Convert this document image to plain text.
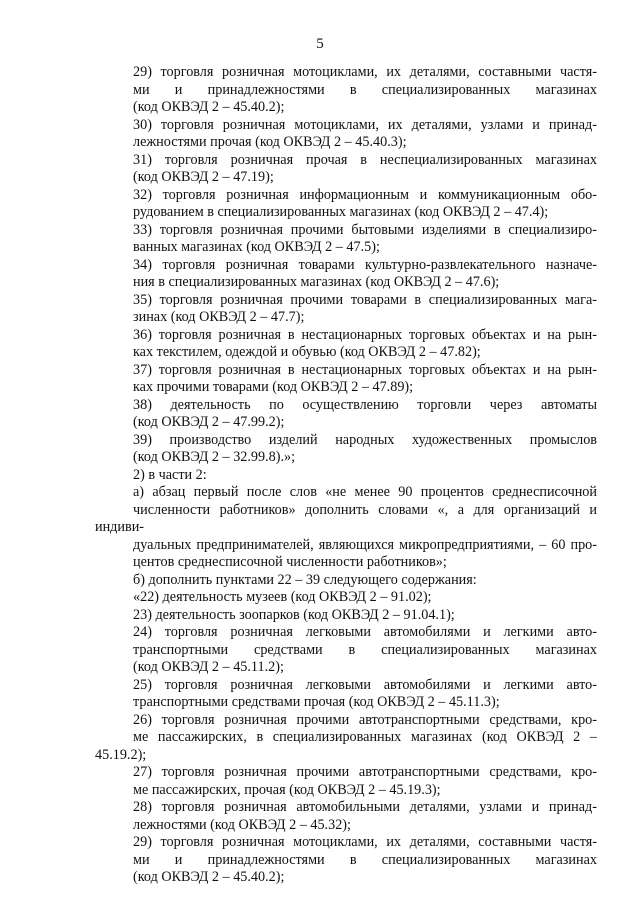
5

29) торговля розничная мотоциклами, их деталями, составными частя-
ми и принадлежностями в специализированных магазинах
(код ОКВЭД 2 – 45.40.2);

30) торговля розничная мотоциклами, их деталями, узлами и принад-
лежностями прочая (код ОКВЭД 2 – 45.40.3);

31) торговля розничная прочая в неспециализированных магазинах
(код ОКВЭД 2 – 47.19);

32) торговля розничная информационным и коммуникационным обо-
рудованием в специализированных магазинах (код ОКВЭД 2 – 47.4);

33) торговля розничная прочими бытовыми изделиями в специализиро-
ванных магазинах (код ОКВЭД 2 – 47.5);

34) торговля розничная товарами культурно-развлекательного назначе-
ния в специализированных магазинах (код ОКВЭД 2 – 47.6);

35) торговля розничная прочими товарами в специализированных мага-
зинах (код ОКВЭД 2 – 47.7);

36) торговля розничная в нестационарных торговых объектах и на рын-
ках текстилем, одеждой и обувью (код ОКВЭД 2 – 47.82);

37) торговля розничная в нестационарных торговых объектах и на рын-
ках прочими товарами (код ОКВЭД 2 – 47.89);

38) деятельность по осуществлению торговли через автоматы
(код ОКВЭД 2 – 47.99.2);

39) производство изделий народных художественных промыслов
(код ОКВЭД 2 – 32.99.8).»;

2) в части 2:

а) абзац первый после слов «не менее 90 процентов среднесписочной
численности работников» дополнить словами «, а для организаций и индиви-
дуальных предпринимателей, являющихся микропредприятиями, – 60 про-
центов среднесписочной численности работников»;

б) дополнить пунктами 22 – 39 следующего содержания:

«22) деятельность музеев (код ОКВЭД 2 – 91.02);

23) деятельность зоопарков (код ОКВЭД 2 – 91.04.1);

24) торговля розничная легковыми автомобилями и легкими авто-
транспортными средствами в специализированных магазинах
(код ОКВЭД 2 – 45.11.2);

25) торговля розничная легковыми автомобилями и легкими авто-
транспортными средствами прочая (код ОКВЭД 2 – 45.11.3);

26) торговля розничная прочими автотранспортными средствами, кро-
ме пассажирских, в специализированных магазинах (код ОКВЭД 2 – 45.19.2);

27) торговля розничная прочими автотранспортными средствами, кро-
ме пассажирских, прочая (код ОКВЭД 2 – 45.19.3);

28) торговля розничная автомобильными деталями, узлами и принад-
лежностями (код ОКВЭД 2 – 45.32);

29) торговля розничная мотоциклами, их деталями, составными частя-
ми и принадлежностями в специализированных магазинах
(код ОКВЭД 2 – 45.40.2);
